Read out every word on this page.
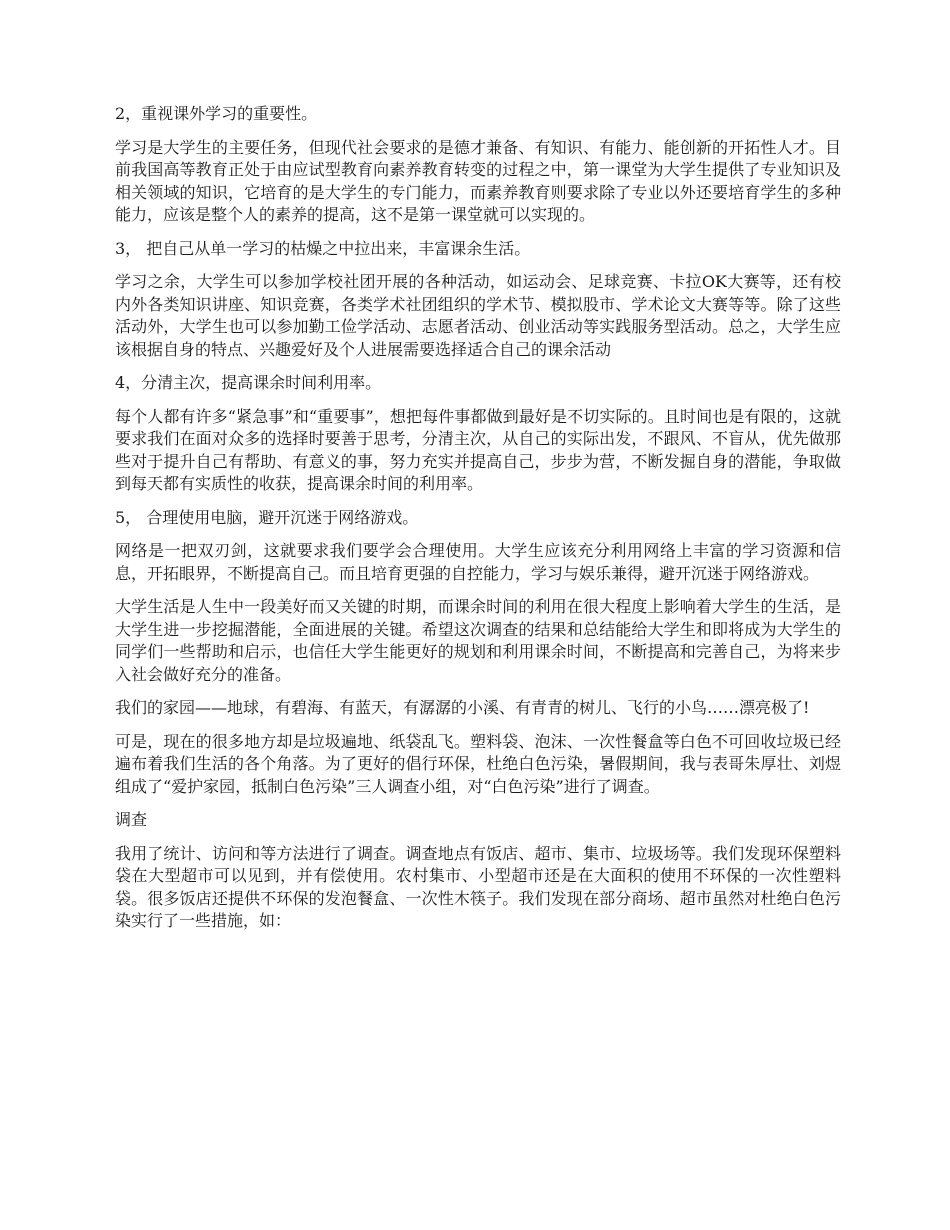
2，重视课外学习的重要性。

学习是大学生的主要任务，但现代社会要求的是德才兼备、有知识、有能力、能创新的开拓性人才。目前我国高等教育正处于由应试型教育向素养教育转变的过程之中，第一课堂为大学生提供了专业知识及相关领域的知识，它培育的是大学生的专门能力，而素养教育则要求除了专业以外还要培育学生的多种能力，应该是整个人的素养的提高，这不是第一课堂就可以实现的。

3， 把自己从单一学习的枯燥之中拉出来，丰富课余生活。

学习之余，大学生可以参加学校社团开展的各种活动，如运动会、足球竞赛、卡拉OK大赛等，还有校内外各类知识讲座、知识竞赛，各类学术社团组织的学术节、模拟股市、学术论文大赛等等。除了这些活动外，大学生也可以参加勤工俭学活动、志愿者活动、创业活动等实践服务型活动。总之，大学生应该根据自身的特点、兴趣爱好及个人进展需要选择适合自己的课余活动

4，分清主次，提高课余时间利用率。

每个人都有许多“紧急事”和“重要事”，想把每件事都做到最好是不切实际的。且时间也是有限的，这就要求我们在面对众多的选择时要善于思考，分清主次，从自己的实际出发，不跟风、不盲从，优先做那些对于提升自己有帮助、有意义的事，努力充实并提高自己，步步为营，不断发掘自身的潜能，争取做到每天都有实质性的收获，提高课余时间的利用率。

5， 合理使用电脑，避开沉迷于网络游戏。

网络是一把双刃剑，这就要求我们要学会合理使用。大学生应该充分利用网络上丰富的学习资源和信息，开拓眼界，不断提高自己。而且培育更强的自控能力，学习与娱乐兼得，避开沉迷于网络游戏。

大学生活是人生中一段美好而又关键的时期，而课余时间的利用在很大程度上影响着大学生的生活，是大学生进一步挖掘潜能，全面进展的关键。希望这次调查的结果和总结能给大学生和即将成为大学生的同学们一些帮助和启示，也信任大学生能更好的规划和利用课余时间，不断提高和完善自己，为将来步入社会做好充分的准备。

我们的家园——地球，有碧海、有蓝天，有潺潺的小溪、有青青的树儿、飞行的小鸟……漂亮极了!

可是，现在的很多地方却是垃圾遍地、纸袋乱飞。塑料袋、泡沫、一次性餐盒等白色不可回收垃圾已经遍布着我们生活的各个角落。为了更好的倡行环保，杜绝白色污染，暑假期间，我与表哥朱厚壮、刘煜组成了“爱护家园，抵制白色污染”三人调查小组，对“白色污染”进行了调查。

调查

我用了统计、访问和等方法进行了调查。调查地点有饭店、超市、集市、垃圾场等。我们发现环保塑料袋在大型超市可以见到，并有偿使用。农村集市、小型超市还是在大面积的使用不环保的一次性塑料袋。很多饭店还提供不环保的发泡餐盒、一次性木筷子。我们发现在部分商场、超市虽然对杜绝白色污染实行了一些措施，如：
